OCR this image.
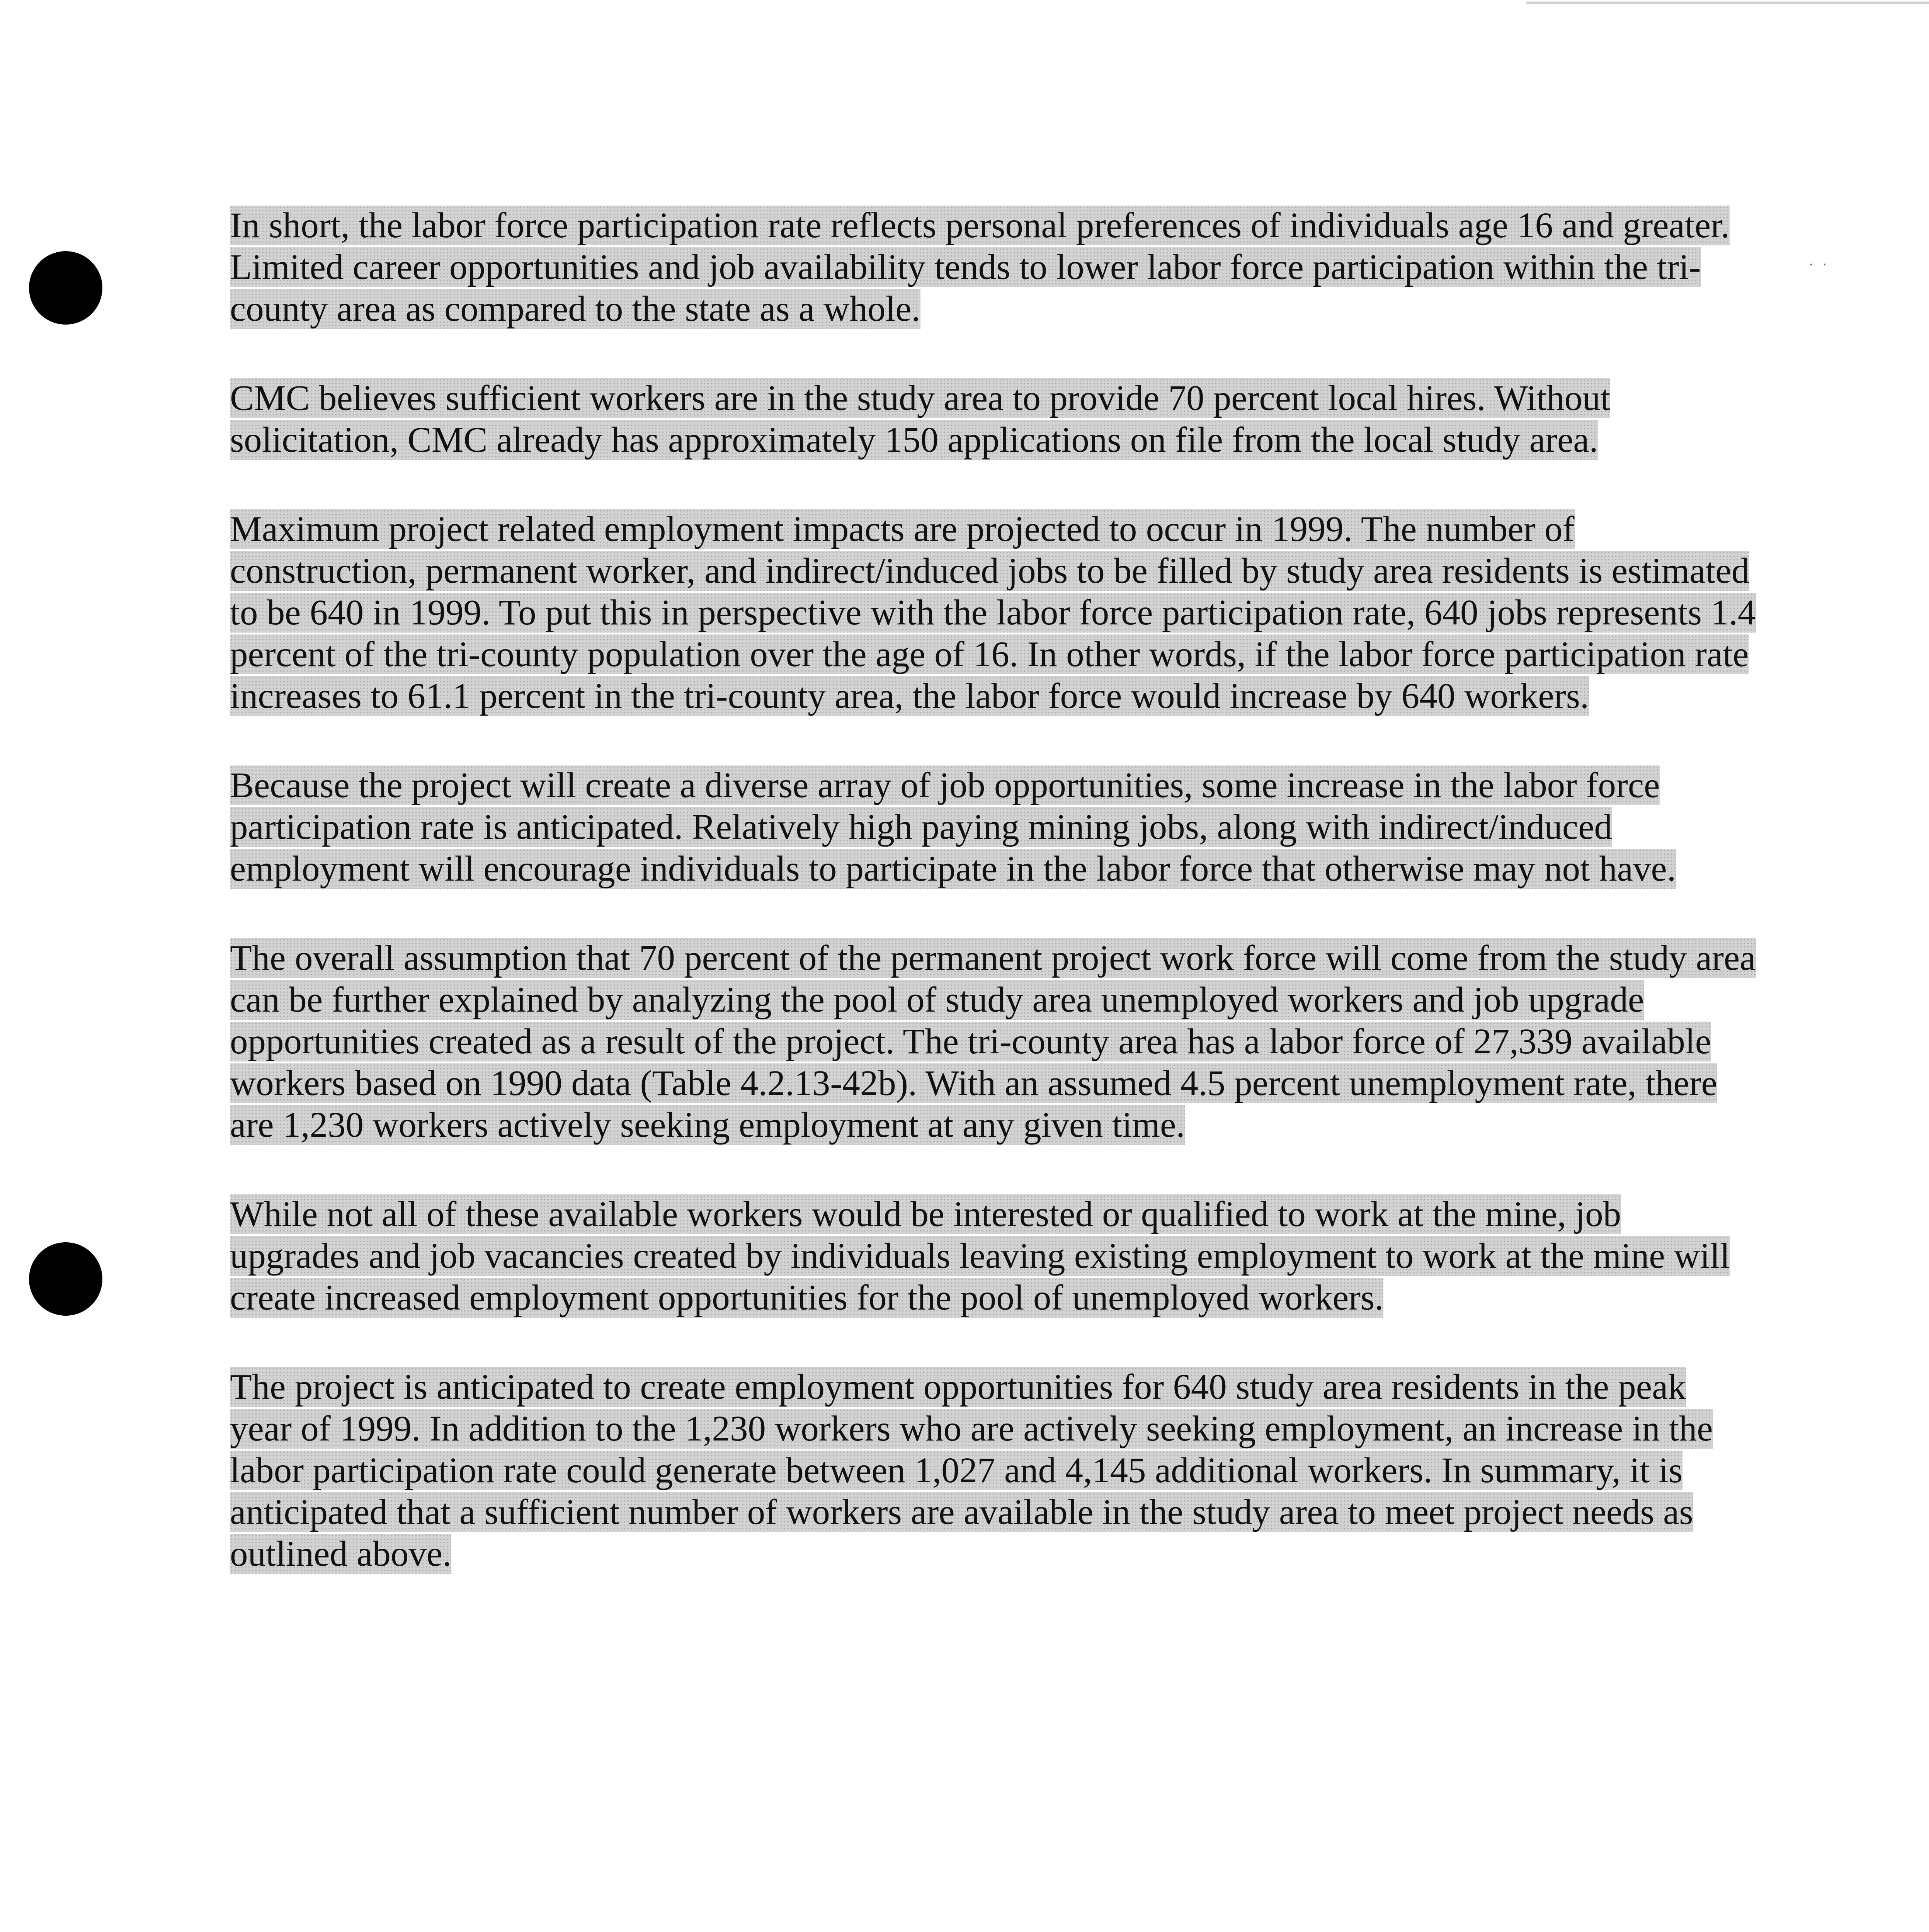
· ·

In short, the labor force participation rate reflects personal preferences of individuals age 16 and greater. Limited career opportunities and job availability tends to lower labor force participation within the tri-county area as compared to the state as a whole.

CMC believes sufficient workers are in the study area to provide 70 percent local hires. Without solicitation, CMC already has approximately 150 applications on file from the local study area.

Maximum project related employment impacts are projected to occur in 1999. The number of construction, permanent worker, and indirect/induced jobs to be filled by study area residents is estimated to be 640 in 1999. To put this in perspective with the labor force participation rate, 640 jobs represents 1.4 percent of the tri-county population over the age of 16. In other words, if the labor force participation rate increases to 61.1 percent in the tri-county area, the labor force would increase by 640 workers.

Because the project will create a diverse array of job opportunities, some increase in the labor force participation rate is anticipated. Relatively high paying mining jobs, along with indirect/induced employment will encourage individuals to participate in the labor force that otherwise may not have.

The overall assumption that 70 percent of the permanent project work force will come from the study area can be further explained by analyzing the pool of study area unemployed workers and job upgrade opportunities created as a result of the project. The tri-county area has a labor force of 27,339 available workers based on 1990 data (Table 4.2.13-42b). With an assumed 4.5 percent unemployment rate, there are 1,230 workers actively seeking employment at any given time.

While not all of these available workers would be interested or qualified to work at the mine, job upgrades and job vacancies created by individuals leaving existing employment to work at the mine will create increased employment opportunities for the pool of unemployed workers.

The project is anticipated to create employment opportunities for 640 study area residents in the peak year of 1999. In addition to the 1,230 workers who are actively seeking employment, an increase in the labor participation rate could generate between 1,027 and 4,145 additional workers. In summary, it is anticipated that a sufficient number of workers are available in the study area to meet project needs as outlined above.
